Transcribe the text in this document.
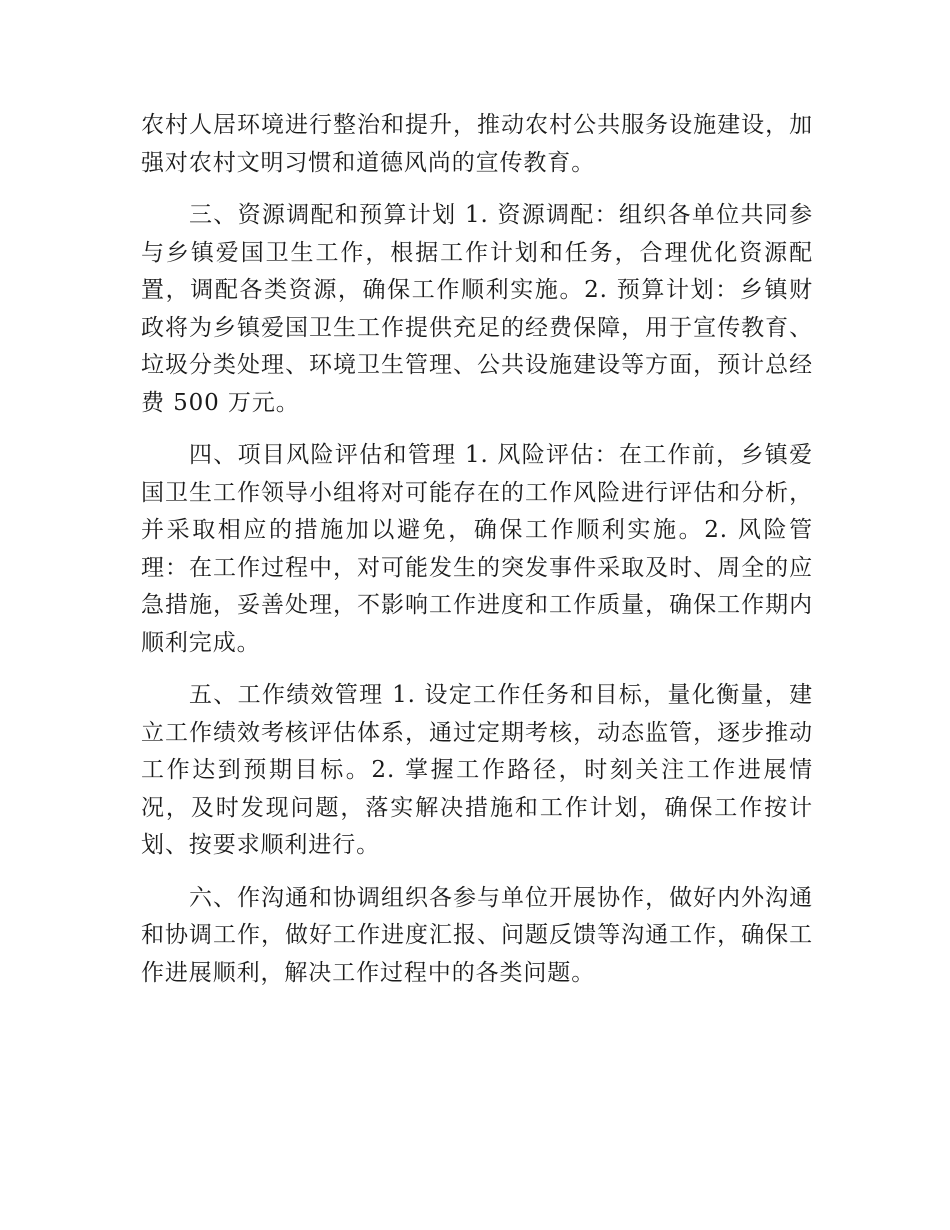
农村人居环境进行整治和提升，推动农村公共服务设施建设，加强对农村文明习惯和道德风尚的宣传教育。

三、资源调配和预算计划 1. 资源调配：组织各单位共同参与乡镇爱国卫生工作，根据工作计划和任务，合理优化资源配置，调配各类资源，确保工作顺利实施。2. 预算计划：乡镇财政将为乡镇爱国卫生工作提供充足的经费保障，用于宣传教育、垃圾分类处理、环境卫生管理、公共设施建设等方面，预计总经费 500 万元。

四、项目风险评估和管理 1. 风险评估：在工作前，乡镇爱国卫生工作领导小组将对可能存在的工作风险进行评估和分析，并采取相应的措施加以避免，确保工作顺利实施。2. 风险管理：在工作过程中，对可能发生的突发事件采取及时、周全的应急措施，妥善处理，不影响工作进度和工作质量，确保工作期内顺利完成。

五、工作绩效管理 1. 设定工作任务和目标，量化衡量，建立工作绩效考核评估体系，通过定期考核，动态监管，逐步推动工作达到预期目标。2. 掌握工作路径，时刻关注工作进展情况，及时发现问题，落实解决措施和工作计划，确保工作按计划、按要求顺利进行。

六、作沟通和协调组织各参与单位开展协作，做好内外沟通和协调工作，做好工作进度汇报、问题反馈等沟通工作，确保工作进展顺利，解决工作过程中的各类问题。
